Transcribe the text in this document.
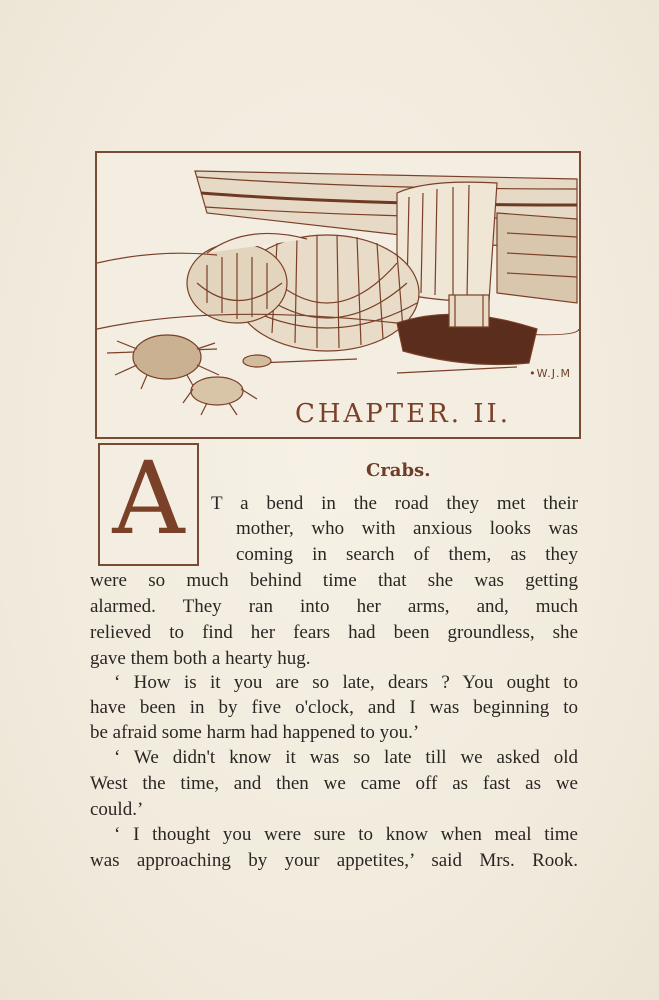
•W.J.M
CHAPTER. II.
A	Crabs.
T a bend in the road they met their
mother, who with anxious looks was
coming in search of them, as they
were so much behind time that she was getting
alarmed. They ran into her arms, and, much
relieved to find her fears had been groundless, she
gave them both a hearty hug.
‘ How is it you are so late, dears ? You ought to
have been in by five o'clock, and I was beginning to
be afraid some harm had happened to you.’
‘ We didn't know it was so late till we asked old
West the time, and then we came off as fast as we
could.’
‘ I thought you were sure to know when meal time
was approaching by your appetites,’ said Mrs. Rook.
